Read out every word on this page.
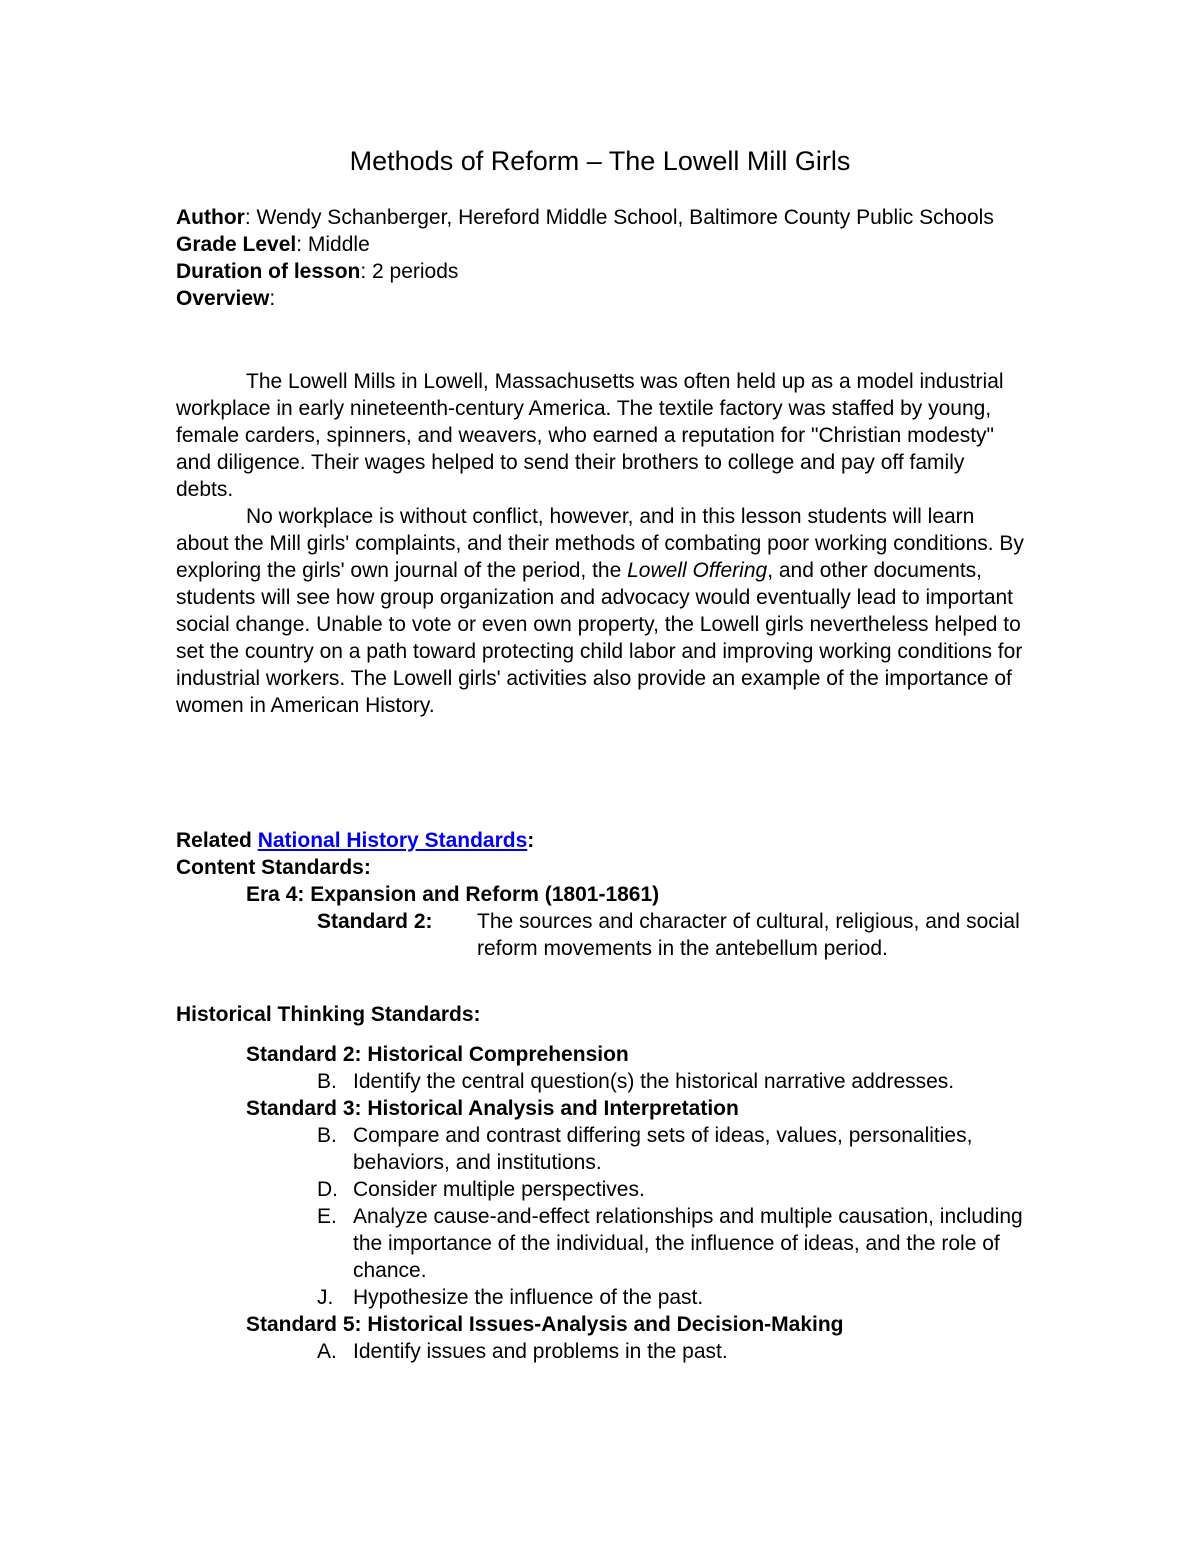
Methods of Reform – The Lowell Mill Girls
Author: Wendy Schanberger, Hereford Middle School, Baltimore County Public Schools
Grade Level: Middle
Duration of lesson: 2 periods
Overview:

The Lowell Mills in Lowell, Massachusetts was often held up as a model industrial workplace in early nineteenth-century America. The textile factory was staffed by young, female carders, spinners, and weavers, who earned a reputation for "Christian modesty" and diligence. Their wages helped to send their brothers to college and pay off family debts.

No workplace is without conflict, however, and in this lesson students will learn about the Mill girls' complaints, and their methods of combating poor working conditions. By exploring the girls' own journal of the period, the Lowell Offering, and other documents, students will see how group organization and advocacy would eventually lead to important social change. Unable to vote or even own property, the Lowell girls nevertheless helped to set the country on a path toward protecting child labor and improving working conditions for industrial workers. The Lowell girls' activities also provide an example of the importance of women in American History.

Related National History Standards:
Content Standards:
Era 4: Expansion and Reform (1801-1861)
Standard 2:	The sources and character of cultural, religious, and social reform movements in the antebellum period.
Historical Thinking Standards:
Standard 2: Historical Comprehension
B. Identify the central question(s) the historical narrative addresses.
Standard 3: Historical Analysis and Interpretation
B. Compare and contrast differing sets of ideas, values, personalities, behaviors, and institutions.
D. Consider multiple perspectives.
E. Analyze cause-and-effect relationships and multiple causation, including the importance of the individual, the influence of ideas, and the role of chance.
J. Hypothesize the influence of the past.
Standard 5: Historical Issues-Analysis and Decision-Making
A. Identify issues and problems in the past.
